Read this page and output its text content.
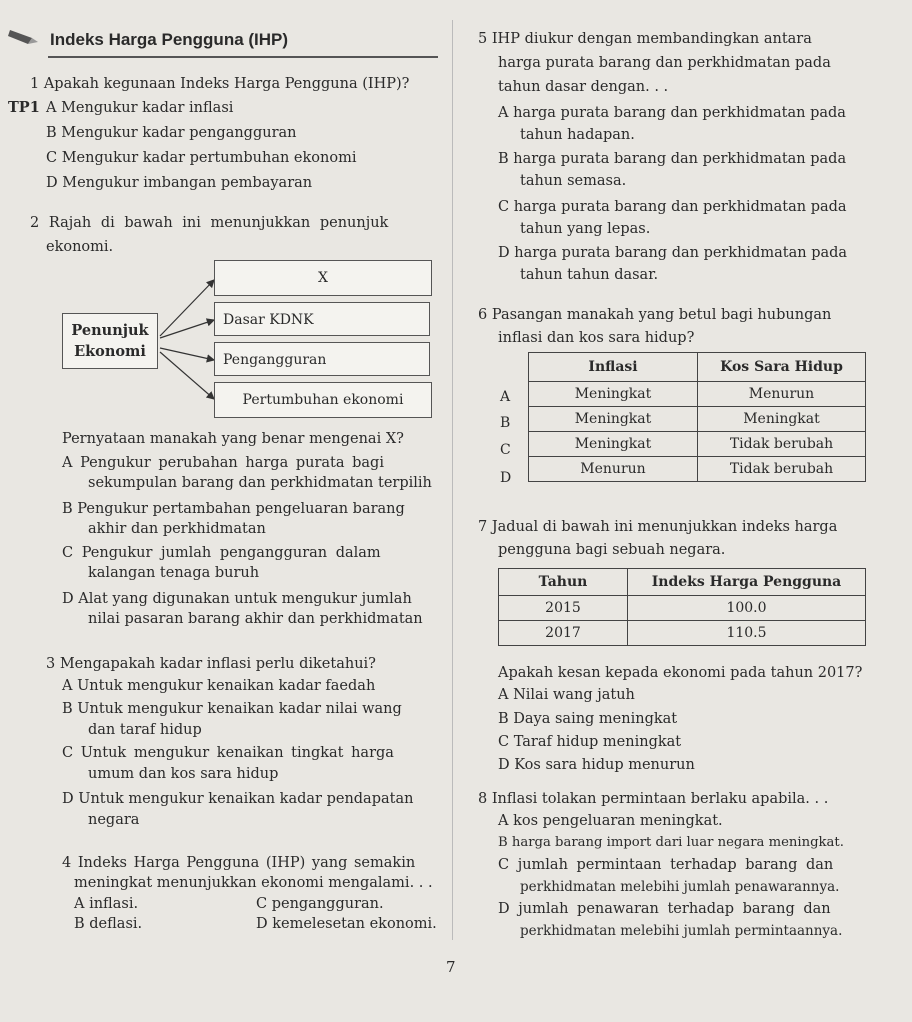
Indeks Harga Pengguna (IHP)
1 Apakah kegunaan Indeks Harga Pengguna (IHP)?
TP1 A Mengukur kadar inflasi
B Mengukur kadar pengangguran
C Mengukur kadar pertumbuhan ekonomi
D Mengukur imbangan pembayaran
2 Rajah di bawah ini menunjukkan penunjuk
ekonomi.
Penunjuk
Ekonomi
X
Dasar KDNK
Pengangguran
Pertumbuhan ekonomi
Pernyataan manakah yang benar mengenai X?
A Pengukur perubahan harga purata bagi
sekumpulan barang dan perkhidmatan terpilih
B Pengukur pertambahan pengeluaran barang
akhir dan perkhidmatan
C Pengukur jumlah pengangguran dalam
kalangan tenaga buruh
D Alat yang digunakan untuk mengukur jumlah
nilai pasaran barang akhir dan perkhidmatan
3 Mengapakah kadar inflasi perlu diketahui?
A Untuk mengukur kenaikan kadar faedah
B Untuk mengukur kenaikan kadar nilai wang
dan taraf hidup
C Untuk mengukur kenaikan tingkat harga
umum dan kos sara hidup
D Untuk mengukur kenaikan kadar pendapatan
negara
4 Indeks Harga Pengguna (IHP) yang semakin
meningkat menunjukkan ekonomi mengalami. . .
A inflasi.	C pengangguran.
B deflasi.	D kemelesetan ekonomi.
5 IHP diukur dengan membandingkan antara
harga purata barang dan perkhidmatan pada
tahun dasar dengan. . .
A harga purata barang dan perkhidmatan pada
tahun hadapan.
B harga purata barang dan perkhidmatan pada
tahun semasa.
C harga purata barang dan perkhidmatan pada
tahun yang lepas.
D harga purata barang dan perkhidmatan pada
tahun tahun dasar.
6 Pasangan manakah yang betul bagi hubungan
inflasi dan kos sara hidup?
A
B
C
D
Inflasi	Kos Sara Hidup
Meningkat	Menurun
Meningkat	Meningkat
Meningkat	Tidak berubah
Menurun	Tidak berubah
7 Jadual di bawah ini menunjukkan indeks harga
pengguna bagi sebuah negara.
Tahun	Indeks Harga Pengguna
2015	100.0
2017	110.5
Apakah kesan kepada ekonomi pada tahun 2017?
A Nilai wang jatuh
B Daya saing meningkat
C Taraf hidup meningkat
D Kos sara hidup menurun
8 Inflasi tolakan permintaan berlaku apabila. . .
A kos pengeluaran meningkat.
B harga barang import dari luar negara meningkat.
C jumlah permintaan terhadap barang dan
perkhidmatan melebihi jumlah penawarannya.
D jumlah penawaran terhadap barang dan
perkhidmatan melebihi jumlah permintaannya.
7
